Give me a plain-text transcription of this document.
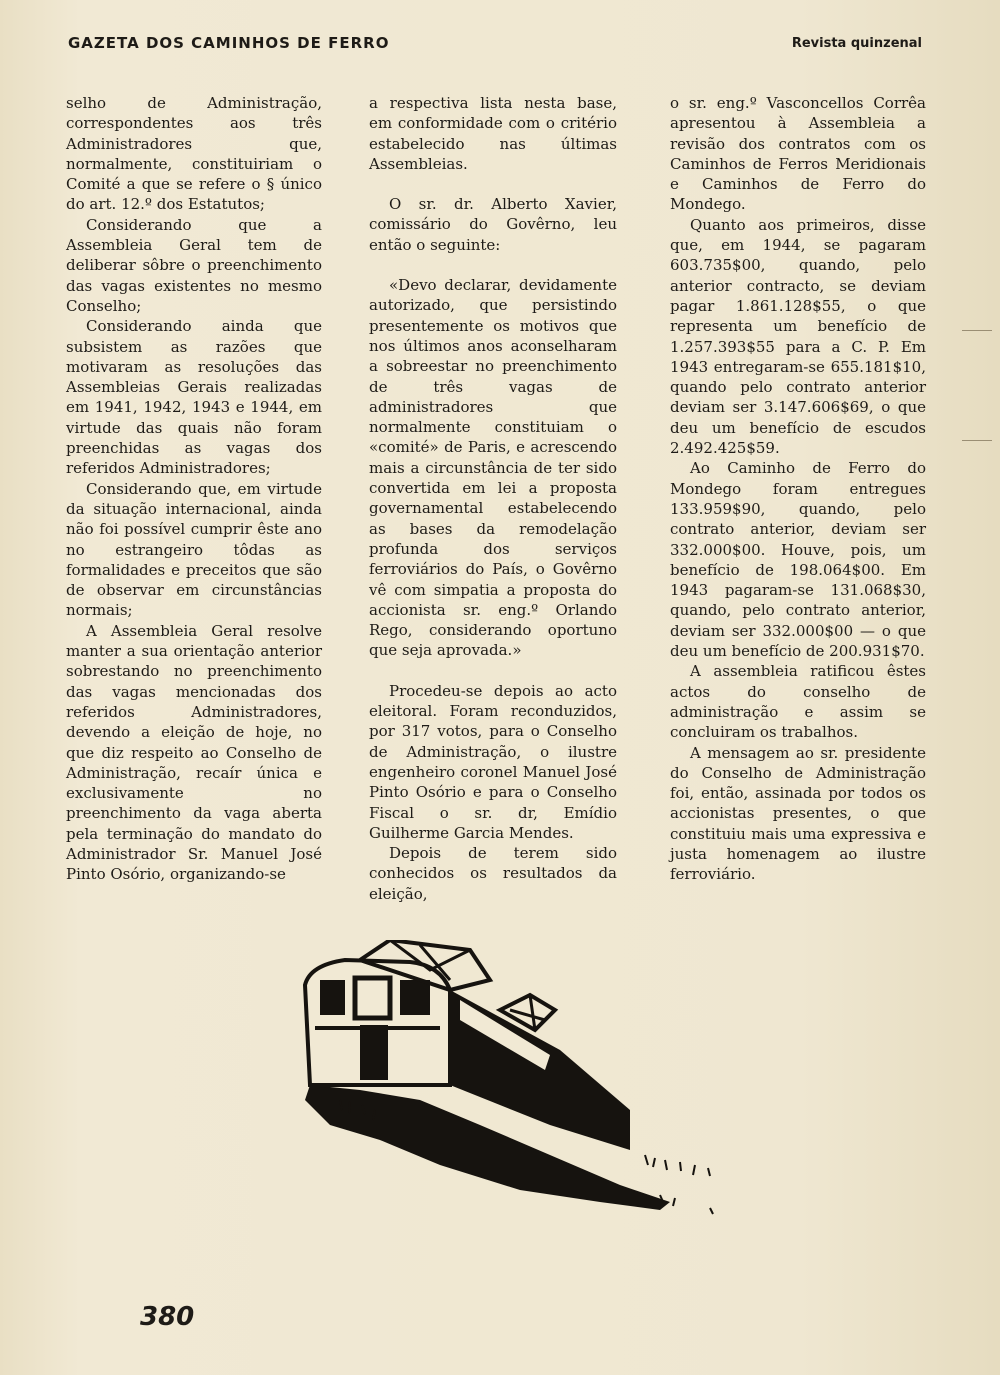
GAZETA DOS CAMINHOS DE FERRO	Revista quinzenal

selho de Administração, correspondentes aos três Administradores que, normalmente, constituiriam o Comité a que se refere o § único do art. 12.º dos Estatutos;

Considerando que a Assembleia Geral tem de deliberar sôbre o preenchimento das vagas existentes no mesmo Conselho;

Considerando ainda que subsistem as razões que motivaram as resoluções das Assembleias Gerais realizadas em 1941, 1942, 1943 e 1944, em virtude das quais não foram preenchidas as vagas dos referidos Administradores;

Considerando que, em virtude da situação internacional, ainda não foi possível cumprir êste ano no estrangeiro tôdas as formalidades e preceitos que são de observar em circunstâncias normais;

A Assembleia Geral resolve manter a sua orientação anterior sobrestando no preenchimento das vagas mencionadas dos referidos Administradores, devendo a eleição de hoje, no que diz respeito ao Conselho de Administração, recaír única e exclusivamente no preenchimento da vaga aberta pela terminação do mandato do Administrador Sr. Manuel José Pinto Osório, organizando-se

a respectiva lista nesta base, em conformidade com o critério estabelecido nas últimas Assembleias.

O sr. dr. Alberto Xavier, comissário do Govêrno, leu então o seguinte:

«Devo declarar, devidamente autorizado, que persistindo presentemente os motivos que nos últimos anos aconselharam a sobreestar no preenchimento de três vagas de administradores que normalmente constituiam o «comité» de Paris, e acrescendo mais a circunstância de ter sido convertida em lei a proposta governamental estabelecendo as bases da remodelação profunda dos serviços ferroviários do País, o Govêrno vê com simpatia a proposta do accionista sr. eng.º Orlando Rego, considerando oportuno que seja aprovada.»

Procedeu-se depois ao acto eleitoral. Foram reconduzidos, por 317 votos, para o Conselho de Administração, o ilustre engenheiro coronel Manuel José Pinto Osório e para o Conselho Fiscal o sr. dr, Emídio Guilherme Garcia Mendes.

Depois de terem sido conhecidos os resultados da eleição,

o sr. eng.º Vasconcellos Corrêa apresentou à Assembleia a revisão dos contratos com os Caminhos de Ferros Meridionais e Caminhos de Ferro do Mondego.

Quanto aos primeiros, disse que, em 1944, se pagaram 603.735$00, quando, pelo anterior contracto, se deviam pagar 1.861.128$55, o que representa um benefício de 1.257.393$55 para a C. P. Em 1943 entregaram-se 655.181$10, quando pelo contrato anterior deviam ser 3.147.606$69, o que deu um benefício de escudos 2.492.425$59.

Ao Caminho de Ferro do Mondego foram entregues 133.959$90, quando, pelo contrato anterior, deviam ser 332.000$00. Houve, pois, um benefício de 198.064$00. Em 1943 pagaram-se 131.068$30, quando, pelo contrato anterior, deviam ser 332.000$00 — o que deu um benefício de 200.931$70.

A assembleia ratificou êstes actos do conselho de administração e assim se concluiram os trabalhos.

A mensagem ao sr. presidente do Conselho de Administração foi, então, assinada por todos os accionistas presentes, o que constituiu mais uma expressiva e justa homenagem ao ilustre ferroviário.

380
